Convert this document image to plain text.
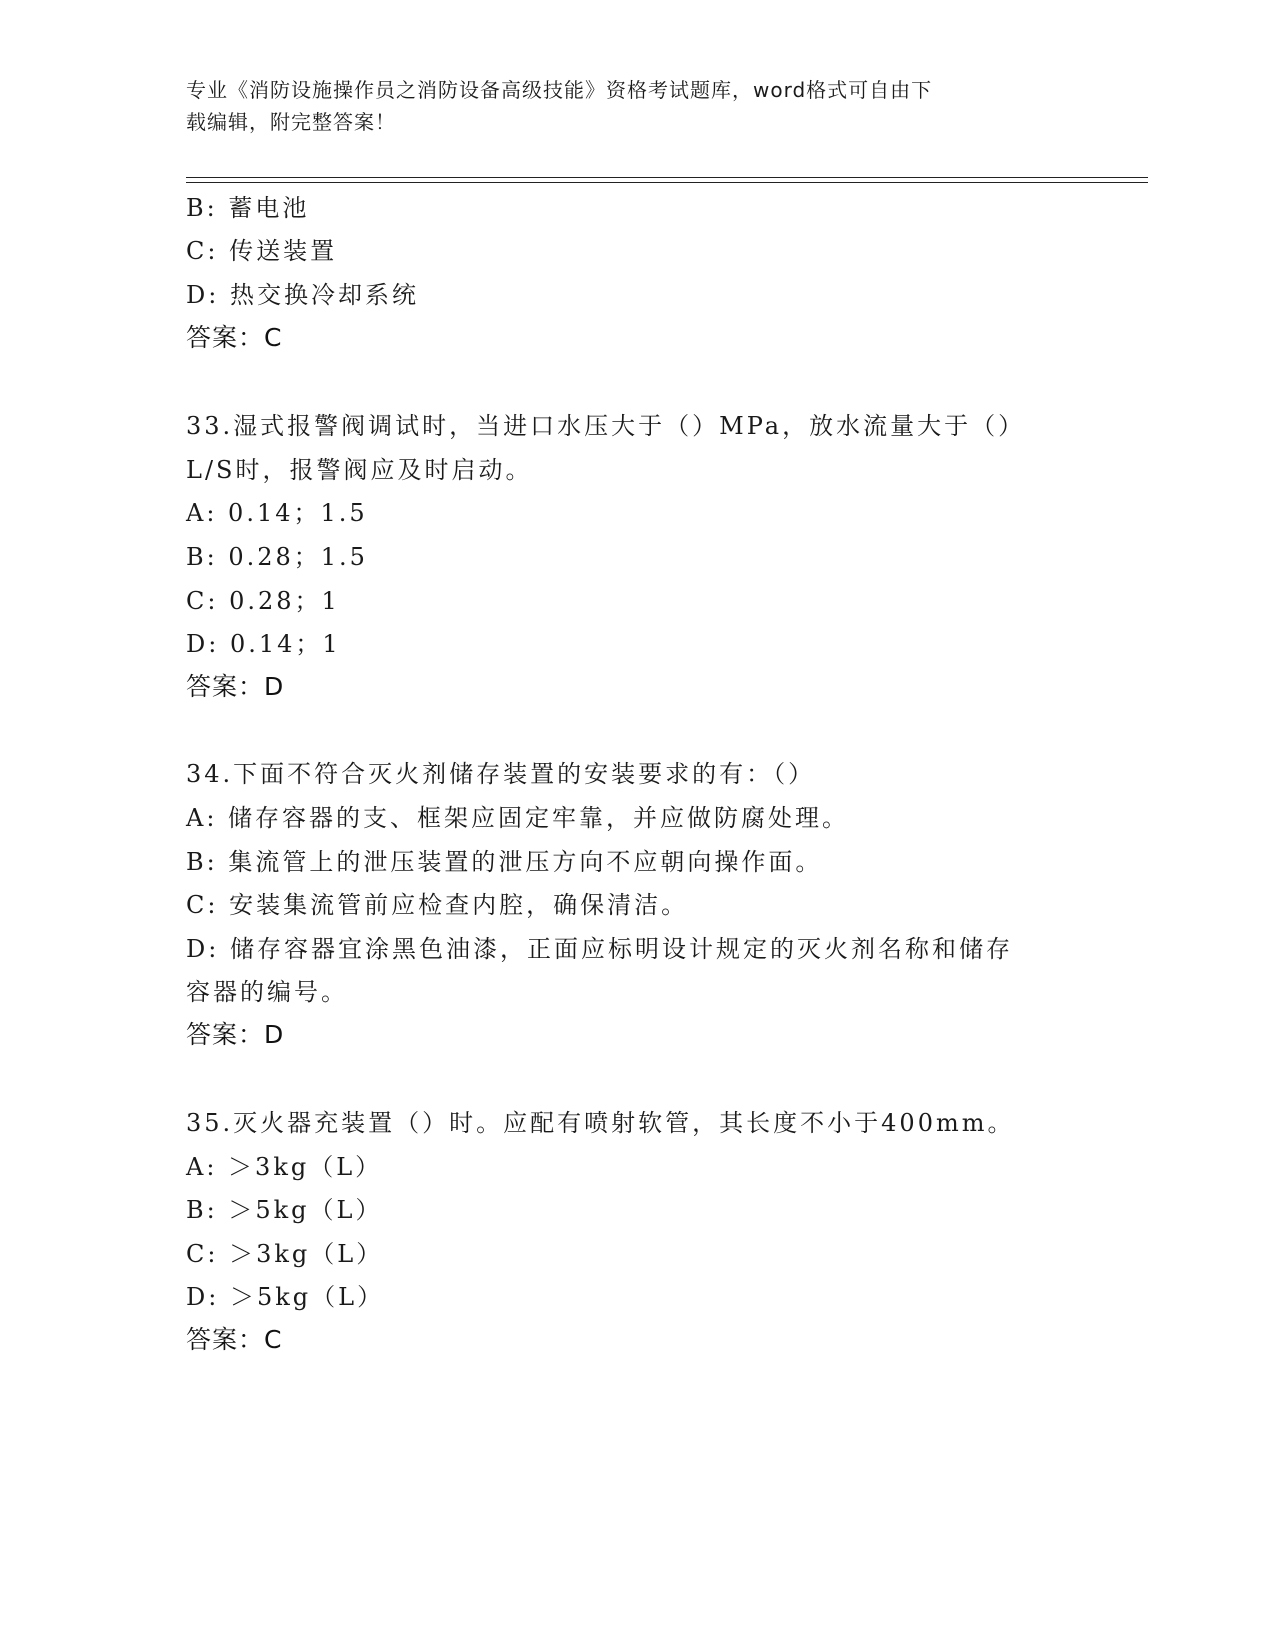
专业《消防设施操作员之消防设备高级技能》资格考试题库，word格式可自由下
载编辑，附完整答案！
B: 蓄电池
C: 传送装置
D: 热交换冷却系统
答案：C
33.湿式报警阀调试时，当进口水压大于（）MPa，放水流量大于（）
L/S时，报警阀应及时启动。
A: 0.14；1.5
B: 0.28；1.5
C: 0.28；1
D: 0.14；1
答案：D
34.下面不符合灭火剂储存装置的安装要求的有：（）
A: 储存容器的支、框架应固定牢靠，并应做防腐处理。
B: 集流管上的泄压装置的泄压方向不应朝向操作面。
C: 安装集流管前应检查内腔，确保清洁。
D: 储存容器宜涂黑色油漆，正面应标明设计规定的灭火剂名称和储存
容器的编号。
答案：D
35.灭火器充装置（）时。应配有喷射软管，其长度不小于400mm。
A: ＞3kg（L）
B: ＞5kg（L）
C: ＞3kg（L）
D: ＞5kg（L）
答案：C
